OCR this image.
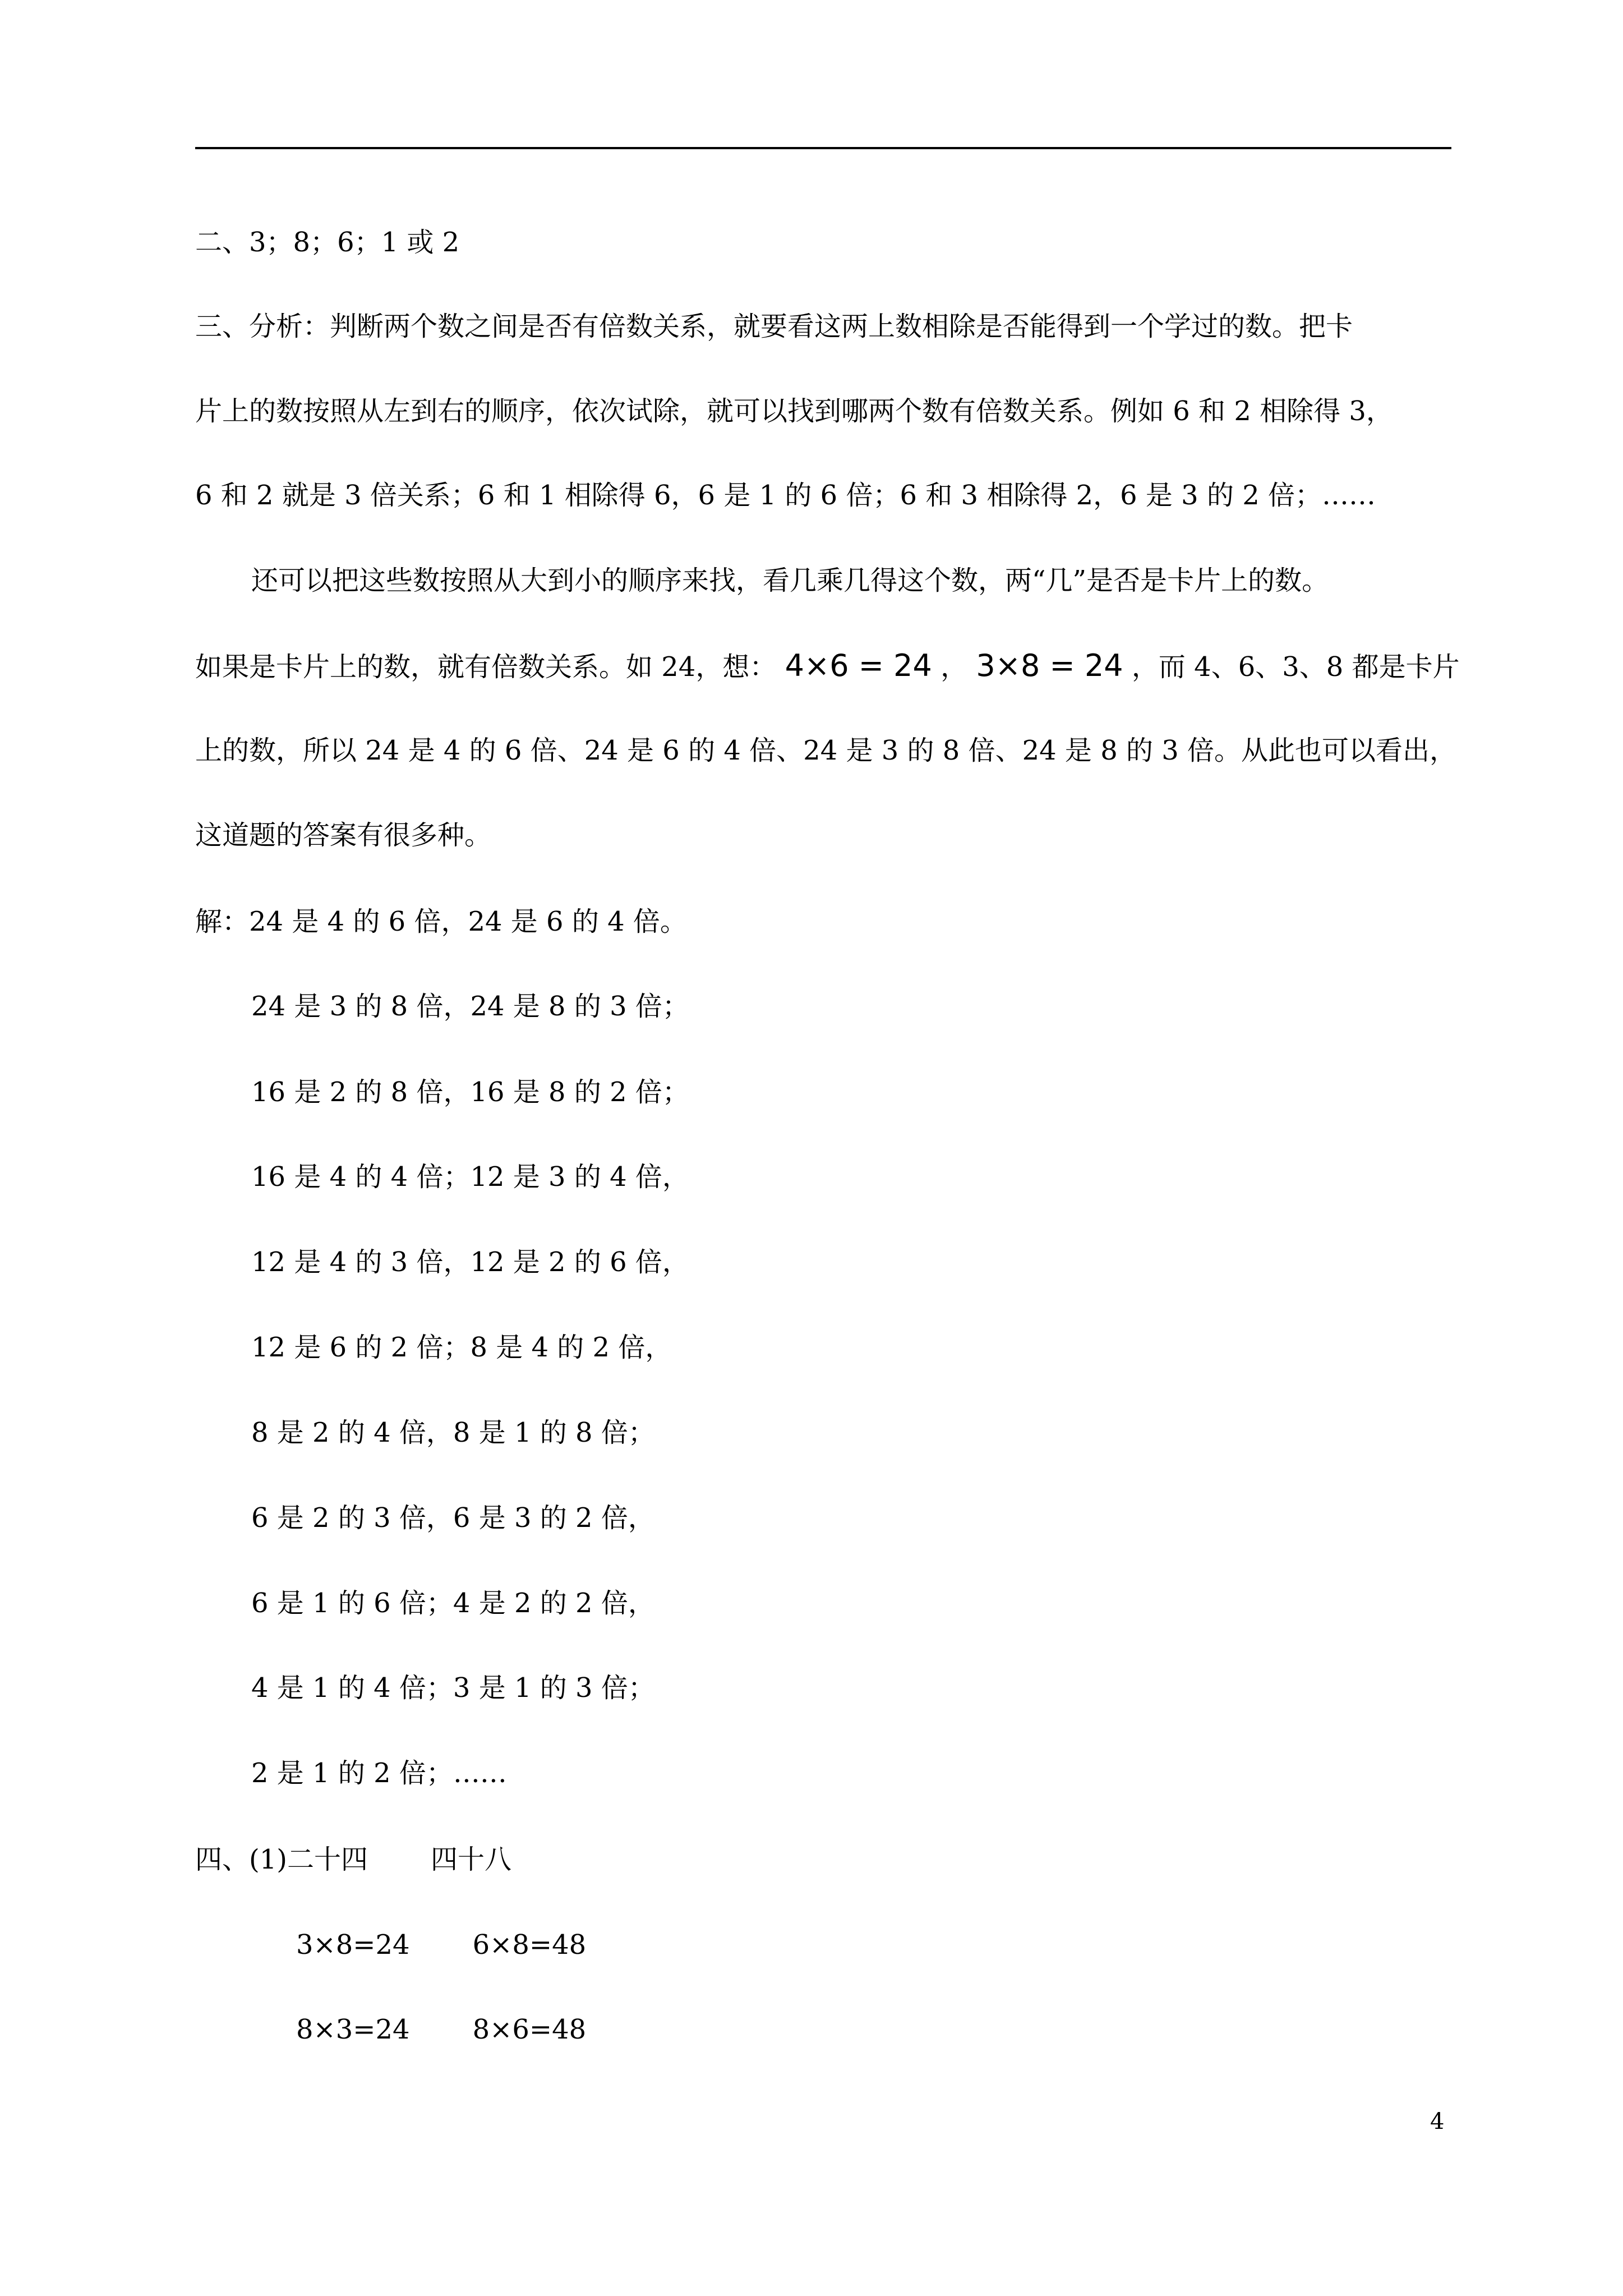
二、3；8；6；1 或 2
三、分析：判断两个数之间是否有倍数关系，就要看这两上数相除是否能得到一个学过的数。把卡
片上的数按照从左到右的顺序，依次试除，就可以找到哪两个数有倍数关系。例如 6 和 2 相除得 3，
6 和 2 就是 3 倍关系；6 和 1 相除得 6，6 是 1 的 6 倍；6 和 3 相除得 2，6 是 3 的 2 倍；……
还可以把这些数按照从大到小的顺序来找，看几乘几得这个数，两“几”是否是卡片上的数。
如果是卡片上的数，就有倍数关系。如 24，想： 4×6 = 24 ， 3×8 = 24 ，而 4、6、3、8 都是卡片
上的数，所以 24 是 4 的 6 倍、24 是 6 的 4 倍、24 是 3 的 8 倍、24 是 8 的 3 倍。从此也可以看出，
这道题的答案有很多种。
解：24 是 4 的 6 倍，24 是 6 的 4 倍。
24 是 3 的 8 倍，24 是 8 的 3 倍；
16 是 2 的 8 倍，16 是 8 的 2 倍；
16 是 4 的 4 倍；12 是 3 的 4 倍，
12 是 4 的 3 倍，12 是 2 的 6 倍，
12 是 6 的 2 倍；8 是 4 的 2 倍，
8 是 2 的 4 倍，8 是 1 的 8 倍；
6 是 2 的 3 倍，6 是 3 的 2 倍，
6 是 1 的 6 倍；4 是 2 的 2 倍，
4 是 1 的 4 倍；3 是 1 的 3 倍；
2 是 1 的 2 倍；……
四、(1)二十四 四十八
3×8=24 6×8=48
8×3=24 8×6=48
4
